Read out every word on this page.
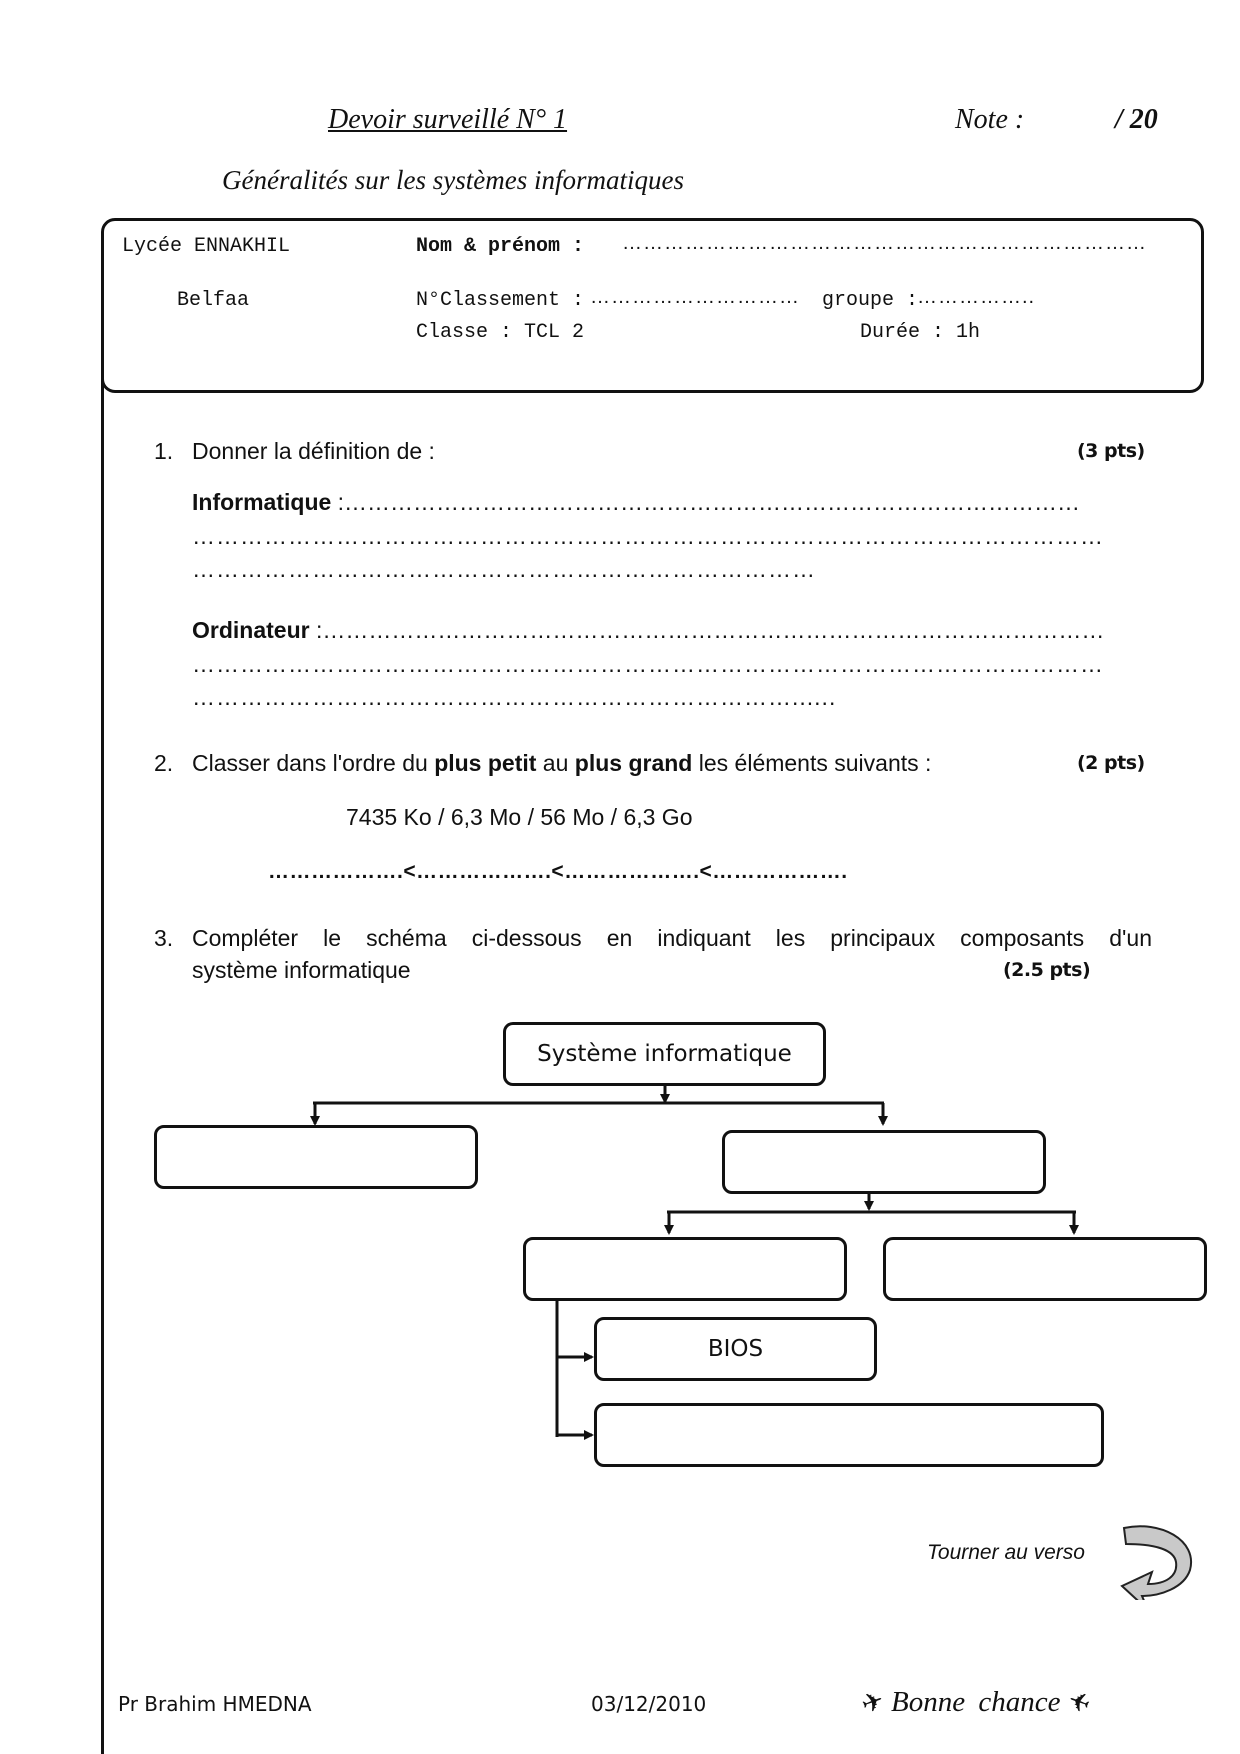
Devoir surveillé N° 1	Note :	/ 20
Généralités sur les systèmes informatiques
Lycée ENNAKHIL
Belfaa
Nom & prénom : …………………………………………………………………
N°Classement : ………………………… groupe :
……………..
Classe : TCL 2	Durée : 1h
1. Donner la définition de :	(3 pts)
Informatique :……………………………………………………………………………………
……………………………………………………………………………………………………
……………………………………………………………………
Ordinateur :…………………………………………………………………………………………
……………………………………………………………………………………………………
…………………………………………………………………......
2. Classer dans l'ordre du plus petit au plus grand les éléments suivants :	(2 pts)
7435 Ko / 6,3 Mo / 56 Mo / 6,3 Go
……………….<……………….<……………….<……………….
3. Compléter le schéma ci-dessous en indiquant les principaux composants d'un
système informatique	(2.5 pts)
Système informatique
BIOS
Tourner au verso
Pr Brahim HMEDNA	03/12/2010	✈ Bonne chance ✈
